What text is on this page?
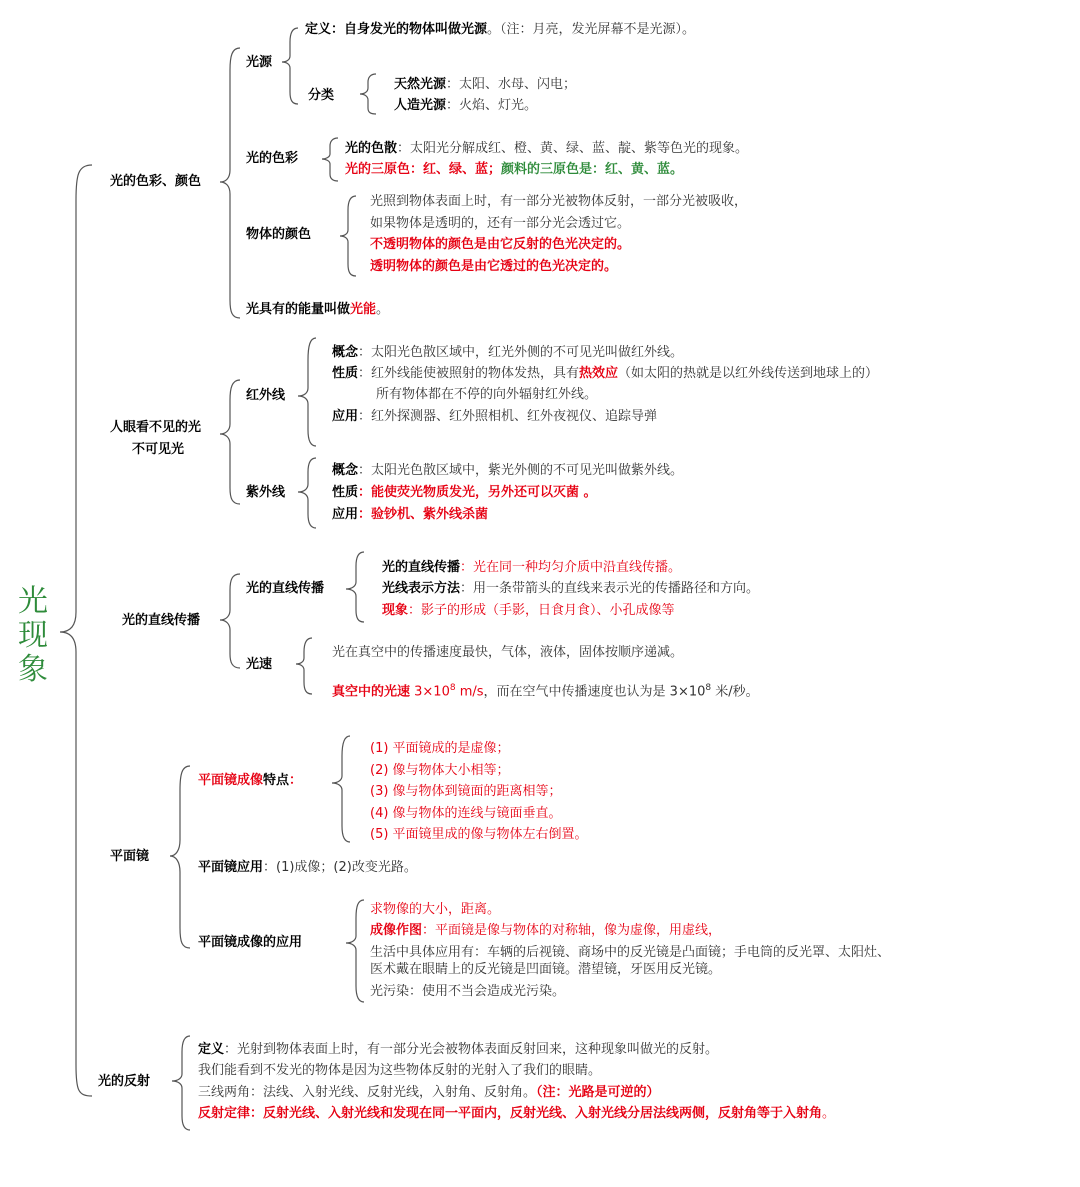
光
现
象
光的色彩、颜色
光源
定义：自身发光的物体叫做光源。（注：月亮，发光屏幕不是光源）。
分类
天然光源：太阳、水母、闪电；
人造光源：火焰、灯光。
光的色彩
光的色散：太阳光分解成红、橙、黄、绿、蓝、靛、紫等色光的现象。
光的三原色：红、绿、蓝；颜料的三原色是：红、黄、蓝。
物体的颜色
光照到物体表面上时，有一部分光被物体反射，一部分光被吸收，
如果物体是透明的，还有一部分光会透过它。
不透明物体的颜色是由它反射的色光决定的。
透明物体的颜色是由它透过的色光决定的。
光具有的能量叫做光能。
人眼看不见的光
不可见光
红外线
概念：太阳光色散区域中，红光外侧的不可见光叫做红外线。
性质：红外线能使被照射的物体发热，具有热效应（如太阳的热就是以红外线传送到地球上的）
所有物体都在不停的向外辐射红外线。
应用：红外探测器、红外照相机、红外夜视仪、追踪导弹
紫外线
概念：太阳光色散区域中，紫光外侧的不可见光叫做紫外线。
性质：能使荧光物质发光，另外还可以灭菌 。
应用：验钞机、紫外线杀菌
光的直线传播
光的直线传播
光的直线传播：光在同一种均匀介质中沿直线传播。
光线表示方法：用一条带箭头的直线来表示光的传播路径和方向。
现象：影子的形成（手影，日食月食）、小孔成像等
光速
光在真空中的传播速度最快，气体，液体，固体按顺序递减。
真空中的光速 $3\times 10^8$ m/s，而在空气中传播速度也认为是 $3\times 10^8$ 米/秒。
平面镜
平面镜成像特点：
(1) 平面镜成的是虚像；
(2) 像与物体大小相等；
(3) 像与物体到镜面的距离相等；
(4) 像与物体的连线与镜面垂直。
(5) 平面镜里成的像与物体左右倒置。
平面镜应用：(1)成像；(2)改变光路。
平面镜成像的应用
求物像的大小，距离。
成像作图：平面镜是像与物体的对称轴，像为虚像，用虚线，
生活中具体应用有：车辆的后视镜、商场中的反光镜是凸面镜；手电筒的反光罩、太阳灶、
医术戴在眼睛上的反光镜是凹面镜。潜望镜，牙医用反光镜。
光污染：使用不当会造成光污染。
光的反射
定义：光射到物体表面上时，有一部分光会被物体表面反射回来，这种现象叫做光的反射。
我们能看到不发光的物体是因为这些物体反射的光射入了我们的眼睛。
三线两角：法线、入射光线、反射光线，入射角、反射角。（注：光路是可逆的）
反射定律：反射光线、入射光线和发现在同一平面内，反射光线、入射光线分居法线两侧，反射角等于入射角。
